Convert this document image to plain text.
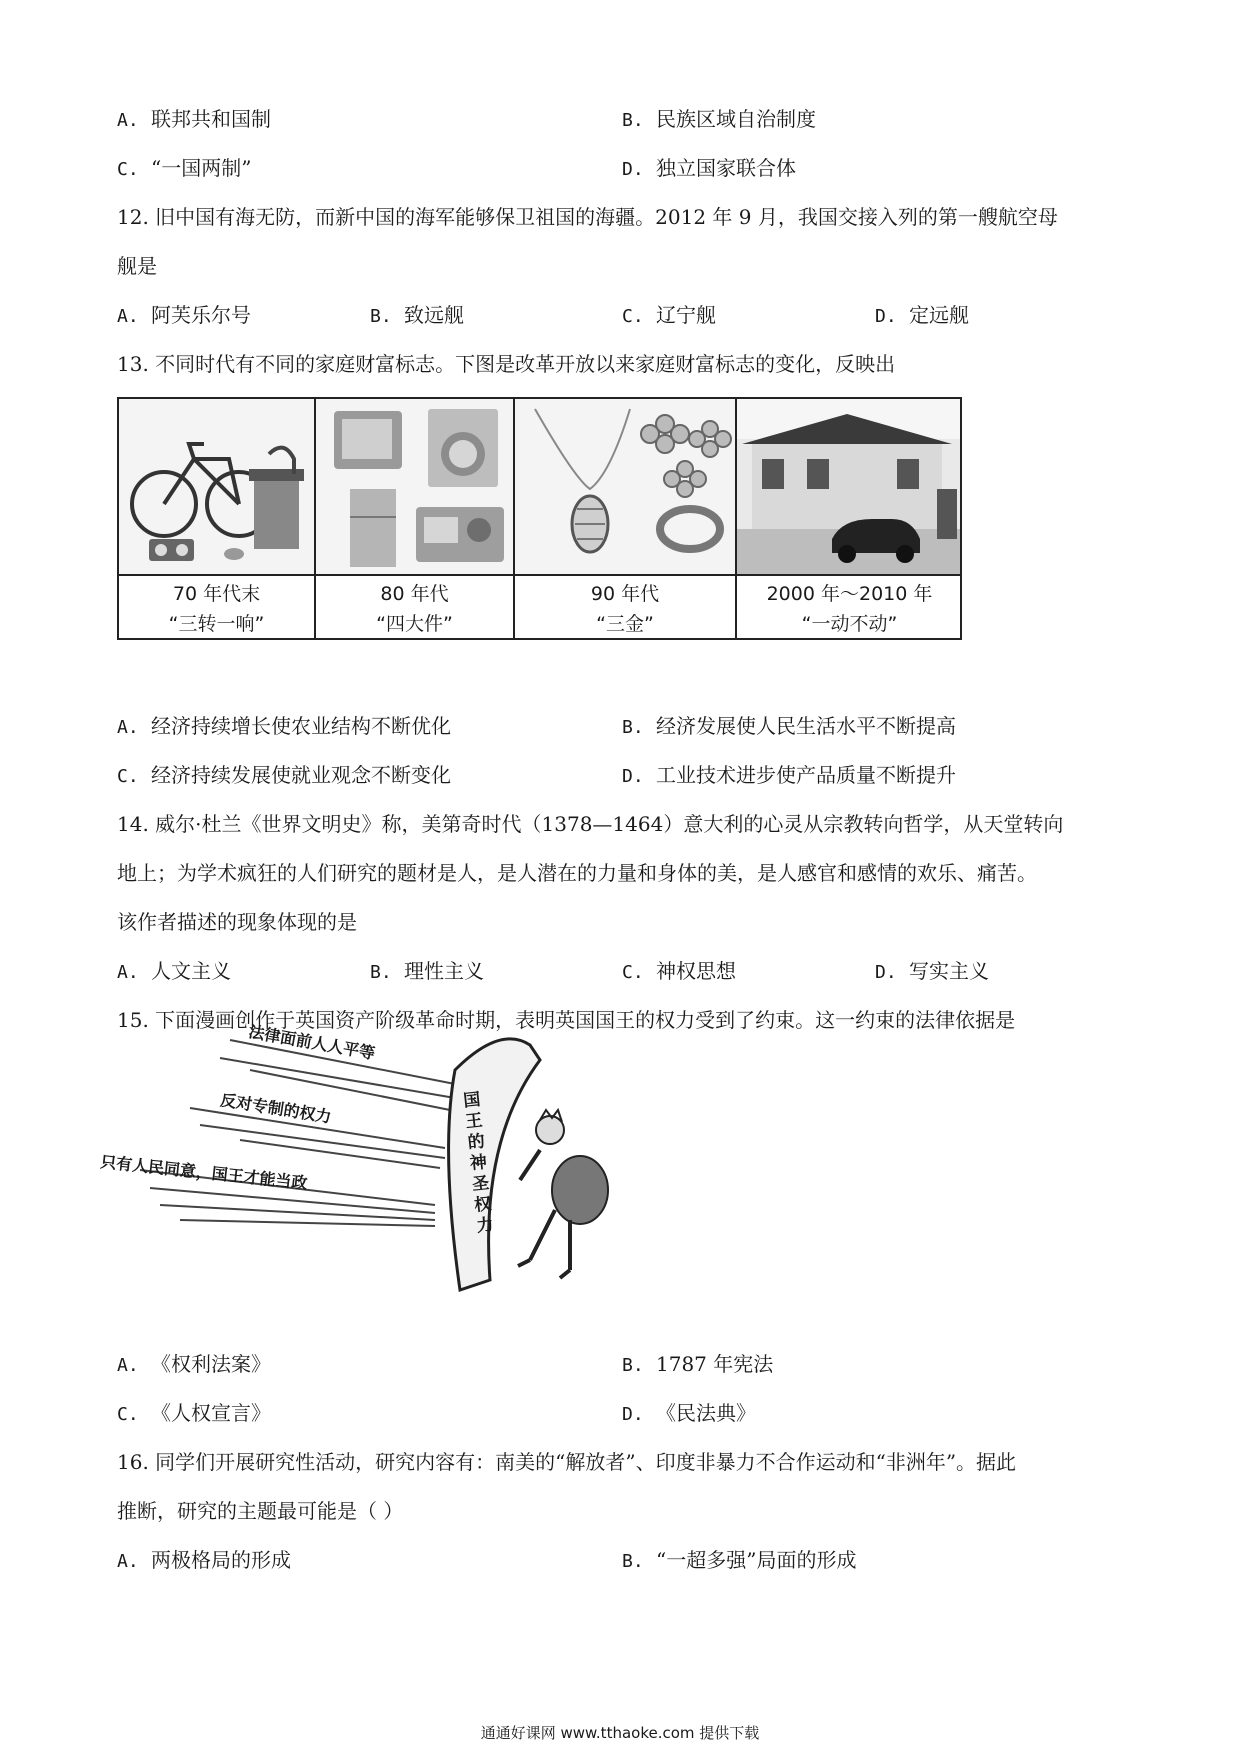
A. 联邦共和国制	B. 民族区域自治制度
C. “一国两制”	D. 独立国家联合体
12. 旧中国有海无防，而新中国的海军能够保卫祖国的海疆。2012 年 9 月，我国交接入列的第一艘航空母
舰是
A. 阿芙乐尔号	B. 致远舰	C. 辽宁舰	D. 定远舰
13. 不同时代有不同的家庭财富标志。下图是改革开放以来家庭财富标志的变化，反映出
70 年代末
“三转一响”
80 年代
“四大件”
90 年代
“三金”
2000 年～2010 年
“一动不动”
A. 经济持续增长使农业结构不断优化	B. 经济发展使人民生活水平不断提高
C. 经济持续发展使就业观念不断变化	D. 工业技术进步使产品质量不断提升
14. 威尔·杜兰《世界文明史》称，美第奇时代（1378—1464）意大利的心灵从宗教转向哲学，从天堂转向
地上；为学术疯狂的人们研究的题材是人，是人潜在的力量和身体的美，是人感官和感情的欢乐、痛苦。
该作者描述的现象体现的是
A. 人文主义	B. 理性主义	C. 神权思想	D. 写实主义
15. 下面漫画创作于英国资产阶级革命时期，表明英国国王的权力受到了约束。这一约束的法律依据是
法律面前人人平等
反对专制的权力
只有人民同意，国王才能当政
国王的神圣权力
A. 《权利法案》	B. 1787 年宪法
C. 《人权宣言》	D. 《民法典》
16. 同学们开展研究性活动，研究内容有：南美的“解放者”、印度非暴力不合作运动和“非洲年”。据此
推断，研究的主题最可能是（ ）
A. 两极格局的形成	B. “一超多强”局面的形成
通通好课网 www.tthaoke.com 提供下载
